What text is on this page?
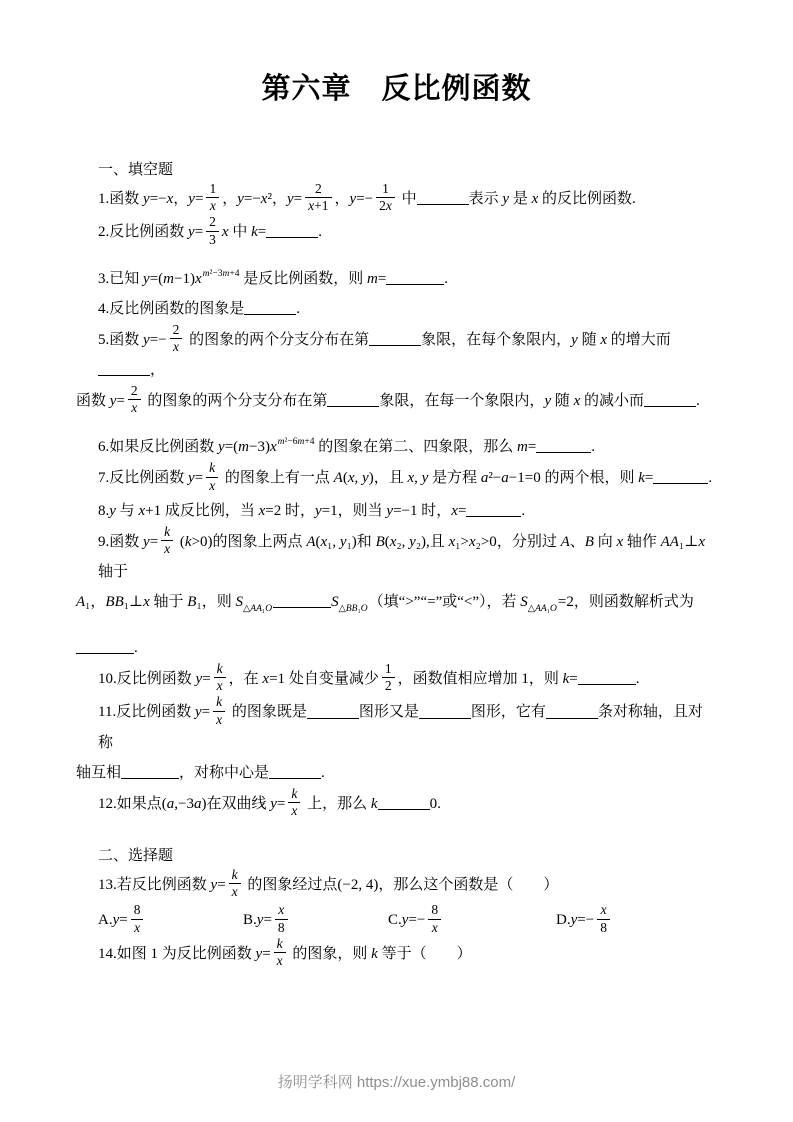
第六章　反比例函数
一、填空题
1.函数 y=−x，$y= \frac{1}{x}$ ，y=−x²，$y= \frac{2}{x+1}$ ，$y=- \frac{1}{2x}$ 中	表示 y 是 x 的反比例函数.
2.反比例函数 $y= \frac{2}{3}$ x 中 k=	.
3.已知 $y=(m-1)x^{m^2-3m+4}$ 是反比例函数，则 m=	.
4.反比例函数的图象是	.
5.函数 $y=- \frac{2}{x}$ 的图象的两个分支分布在第	象限，在每个象限内，y 随 x 的增大而，
函数 $y= \frac{2}{x}$ 的图象的两个分支分布在第	象限，在每一个象限内，y 随 x 的减小而	.
6.如果反比例函数 $y=(m-3)x^{m^2-6m+4}$ 的图象在第二、四象限，那么 m=	.
7.反比例函数 $y= \frac{k}{x}$ 的图象上有一点 A(x, y)，且 x, y 是方程 a²−a−1=0 的两个根，则 k=	.
8.y 与 x+1 成反比例，当 x=2 时，y=1，则当 y=−1 时，x=	.
9.函数 $y= \frac{k}{x} (k>0)$的图象上两点 A(x₁, y₁)和 B(x₂, y₂),且 x₁>x₂>0，分别过 A、B 向 x 轴作 AA₁⊥x 轴于
A₁，BB₁⊥x 轴于 B₁，则 $S_{\triangle AA_1O}$	$S_{\triangle BB_1O}$（填“>”“=”或“<”），若 $S_{\triangle AA_1O}=2$，则函数解析式为
.
10.反比例函数 $y= \frac{k}{x}$ ，在 x=1 处自变量减少 $\frac{1}{2}$ ，函数值相应增加 1，则 k=	.
11.反比例函数 $y= \frac{k}{x}$ 的图象既是	图形又是	图形，它有	条对称轴，且对称
轴互相	，对称中心是	.
12.如果点(a,−3a)在双曲线 $y= \frac{k}{x}$ 上，那么 k	0.
二、选择题
13.若反比例函数 $y= \frac{k}{x}$ 的图象经过点(−2, 4)，那么这个函数是（　　）
$A.y= \frac{8}{x}$	$B.y= \frac{x}{8}$	$C.y=- \frac{8}{x}$	$D.y=- \frac{x}{8}$
14.如图 1 为反比例函数 $y= \frac{k}{x}$ 的图象，则 k 等于（　　）
扬明学科网 https://xue.ymbj88.com/
